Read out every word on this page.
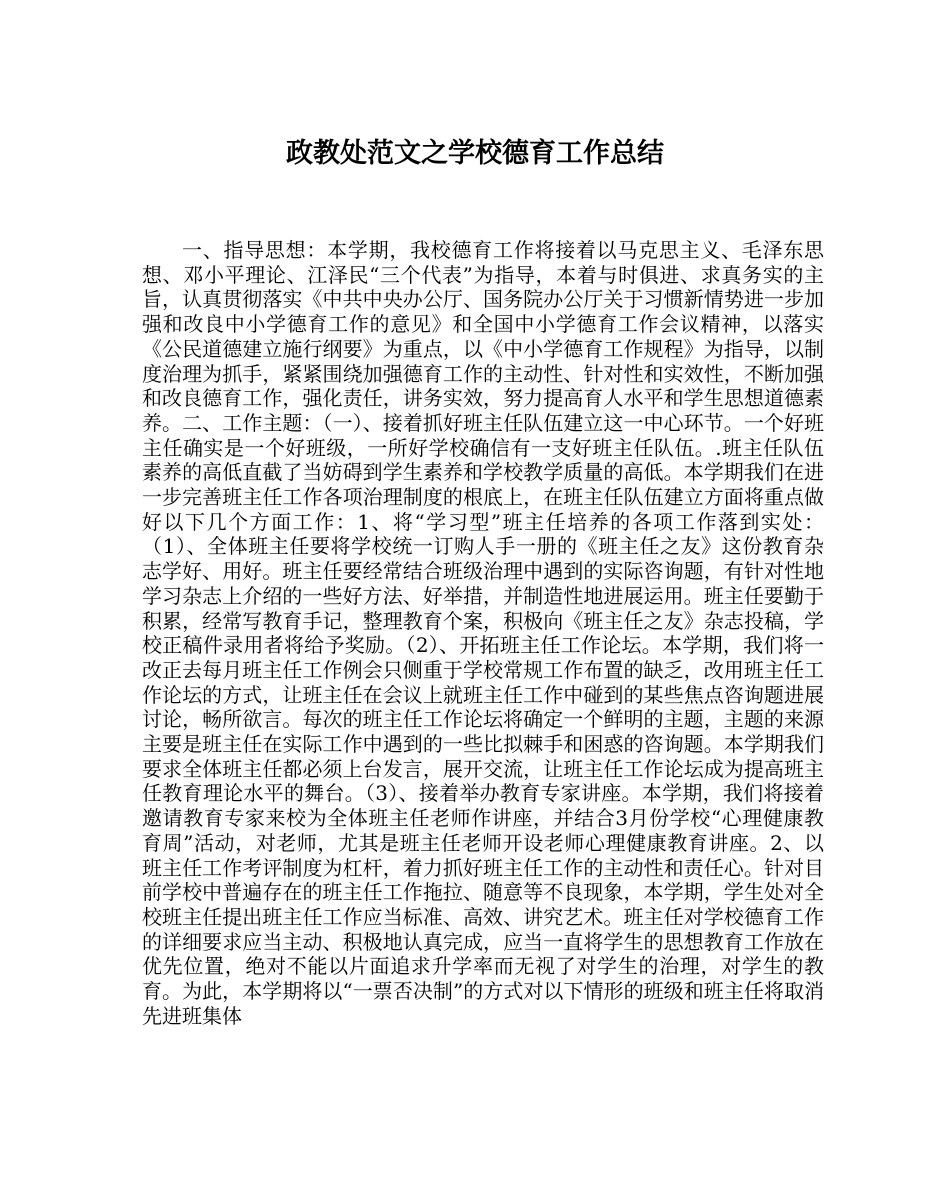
政教处范文之学校德育工作总结

一、指导思想：本学期，我校德育工作将接着以马克思主义、毛泽东思想、邓小平理论、江泽民“三个代表”为指导，本着与时俱进、求真务实的主旨，认真贯彻落实《中共中央办公厅、国务院办公厅关于习惯新情势进一步加强和改良中小学德育工作的意见》和全国中小学德育工作会议精神，以落实《公民道德建立施行纲要》为重点，以《中小学德育工作规程》为指导，以制度治理为抓手，紧紧围绕加强德育工作的主动性、针对性和实效性，不断加强和改良德育工作，强化责任，讲务实效，努力提高育人水平和学生思想道德素养。二、工作主题：（一）、接着抓好班主任队伍建立这一中心环节。一个好班主任确实是一个好班级，一所好学校确信有一支好班主任队伍。.班主任队伍素养的高低直截了当妨碍到学生素养和学校教学质量的高低。本学期我们在进一步完善班主任工作各项治理制度的根底上，在班主任队伍建立方面将重点做好以下几个方面工作：1、将“学习型”班主任培养的各项工作落到实处：（1）、全体班主任要将学校统一订购人手一册的《班主任之友》这份教育杂志学好、用好。班主任要经常结合班级治理中遇到的实际咨询题，有针对性地学习杂志上介绍的一些好方法、好举措，并制造性地进展运用。班主任要勤于积累，经常写教育手记，整理教育个案，积极向《班主任之友》杂志投稿，学校正稿件录用者将给予奖励。（2）、开拓班主任工作论坛。本学期，我们将一改正去每月班主任工作例会只侧重于学校常规工作布置的缺乏，改用班主任工作论坛的方式，让班主任在会议上就班主任工作中碰到的某些焦点咨询题进展讨论，畅所欲言。每次的班主任工作论坛将确定一个鲜明的主题，主题的来源主要是班主任在实际工作中遇到的一些比拟棘手和困惑的咨询题。本学期我们要求全体班主任都必须上台发言，展开交流，让班主任工作论坛成为提高班主任教育理论水平的舞台。（3）、接着举办教育专家讲座。本学期，我们将接着邀请教育专家来校为全体班主任老师作讲座，并结合3月份学校“心理健康教育周”活动，对老师，尤其是班主任老师开设老师心理健康教育讲座。2、以班主任工作考评制度为杠杆，着力抓好班主任工作的主动性和责任心。针对目前学校中普遍存在的班主任工作拖拉、随意等不良现象，本学期，学生处对全校班主任提出班主任工作应当标准、高效、讲究艺术。班主任对学校德育工作的详细要求应当主动、积极地认真完成，应当一直将学生的思想教育工作放在优先位置，绝对不能以片面追求升学率而无视了对学生的治理，对学生的教育。为此，本学期将以“一票否决制”的方式对以下情形的班级和班主任将取消先进班集体
